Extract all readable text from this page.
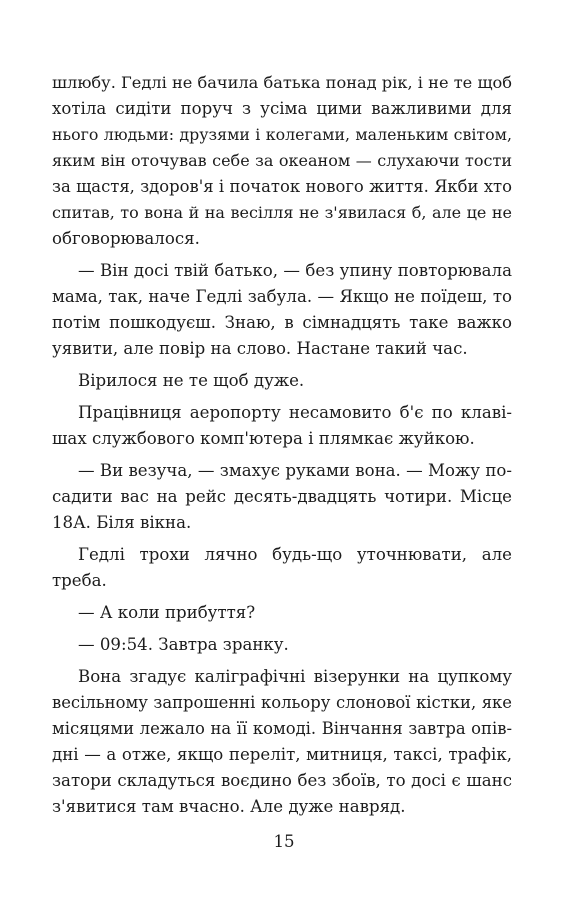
шлюбу. Гедлі не бачила батька понад рік, і не те щоб
хотіла сидіти поруч з усіма цими важливими для
нього людьми: друзями і колегами, маленьким світом,
яким він оточував себе за океаном — слухаючи тости
за щастя, здоров'я і початок нового життя. Якби хто
спитав, то вона й на весілля не з'явилася б, але це не
обговорювалося.
— Він досі твій батько, — без упину повторювала
мама, так, наче Гедлі забула. — Якщо не поїдеш, то
потім пошкодуєш. Знаю, в сімнадцять таке важко
уявити, але повір на слово. Настане такий час.
Вірилося не те щоб дуже.
Працівниця аеропорту несамовито б'є по клаві-
шах службового комп'ютера і плямкає жуйкою.
— Ви везуча, — змахує руками вона. — Можу по-
садити вас на рейс десять-двадцять чотири. Місце
18А. Біля вікна.
Гедлі трохи лячно будь-що уточнювати, але
треба.
— А коли прибуття?
— 09:54. Завтра зранку.
Вона згадує каліграфічні візерунки на цупкому
весільному запрошенні кольору слонової кістки, яке
місяцями лежало на її комоді. Вінчання завтра опів-
дні — а отже, якщо переліт, митниця, таксі, трафік,
затори складуться воєдино без збоїв, то досі є шанс
з'явитися там вчасно. Але дуже навряд.
15
